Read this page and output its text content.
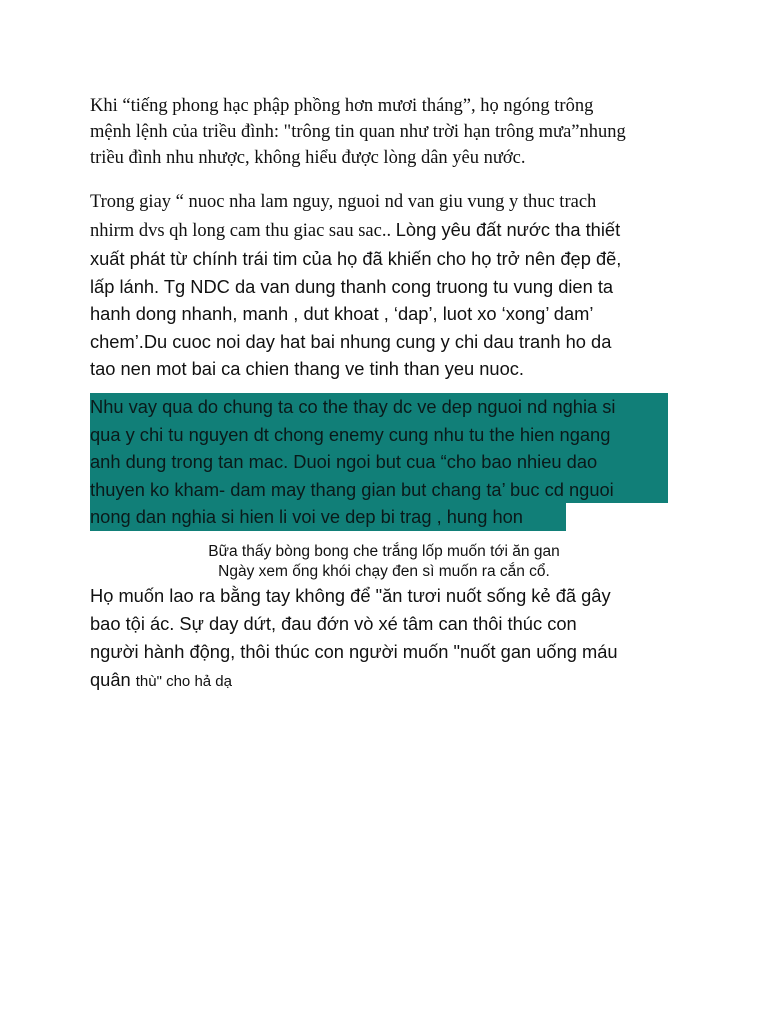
Khi “tiếng phong hạc phập phồng hơn mươi tháng”, họ ngóng trông
mệnh lệnh của triều đình: "trông tin quan như trời hạn trông mưa”nhung
triều đình nhu nhược, không hiểu được lòng dân yêu nước.

Trong giay “ nuoc nha lam nguy, nguoi nd van giu vung y thuc trach
nhirm dvs qh long cam thu giac sau sac.. Lòng yêu đất nước tha thiết
xuất phát từ chính trái tim của họ đã khiến cho họ trở nên đẹp đẽ,
lấp lánh. Tg NDC da van dung thanh cong truong tu vung dien ta
hanh dong nhanh, manh , dut khoat , ‘dap’, luot xo ‘xong’ dam’
chem’.Du cuoc noi day hat bai nhung cung y chi dau tranh ho da
tao nen mot bai ca chien thang ve tinh than yeu nuoc.

Nhu vay qua do chung ta co the thay dc ve dep nguoi nd nghia si
qua y chi tu nguyen dt chong enemy cung nhu tu the hien ngang
anh dung trong tan mac. Duoi ngoi but cua “cho bao nhieu dao
thuyen ko kham- dam may thang gian but chang ta’ buc cd nguoi
nong dan nghia si hien li voi ve dep bi trag , hung hon

Bữa thấy bòng bong che trắng lốp muốn tới ăn gan
Ngày xem ống khói chạy đen sì muốn ra cắn cổ.

Họ muốn lao ra bằng tay không để "ăn tươi nuốt sống kẻ đã gây
bao tội ác. Sự day dứt, đau đớn vò xé tâm can thôi thúc con
người hành động, thôi thúc con người muốn "nuốt gan uống máu
quân thù" cho hả dạ
